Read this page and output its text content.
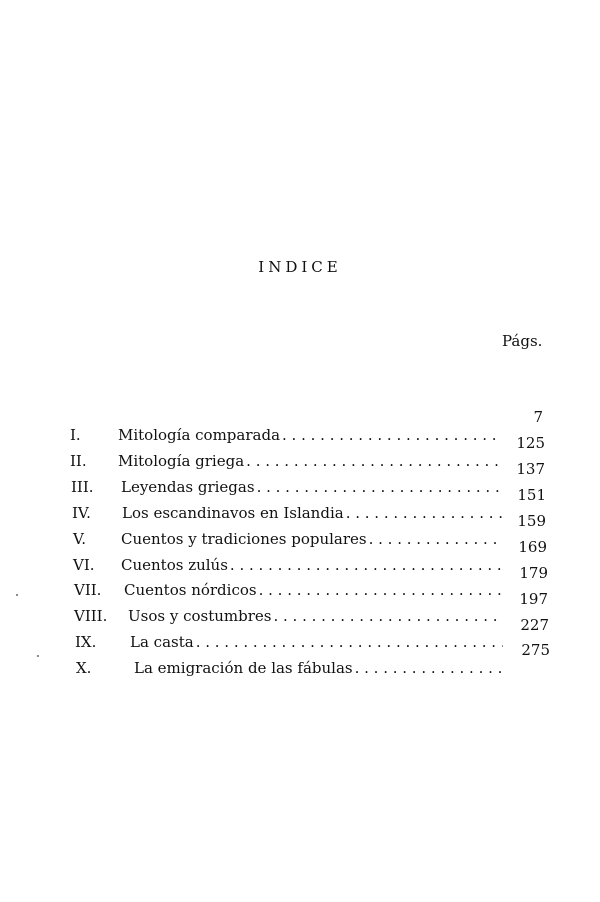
INDICE
Págs.
I. Mitología comparada
. . .
7
II. Mitología griega
. . .
125
III. Leyendas griegas
. . .
137
IV. Los escandinavos en Islandia
. . .
151
V. Cuentos y tradiciones populares
. . .
159
VI. Cuentos zulús
. . .
169
VII. Cuentos nórdicos
. . .
179
VIII. Usos y costumbres
. . .
197
IX. La casta
. . .
227
X.	La emigración de las fábulas
. . .
275
